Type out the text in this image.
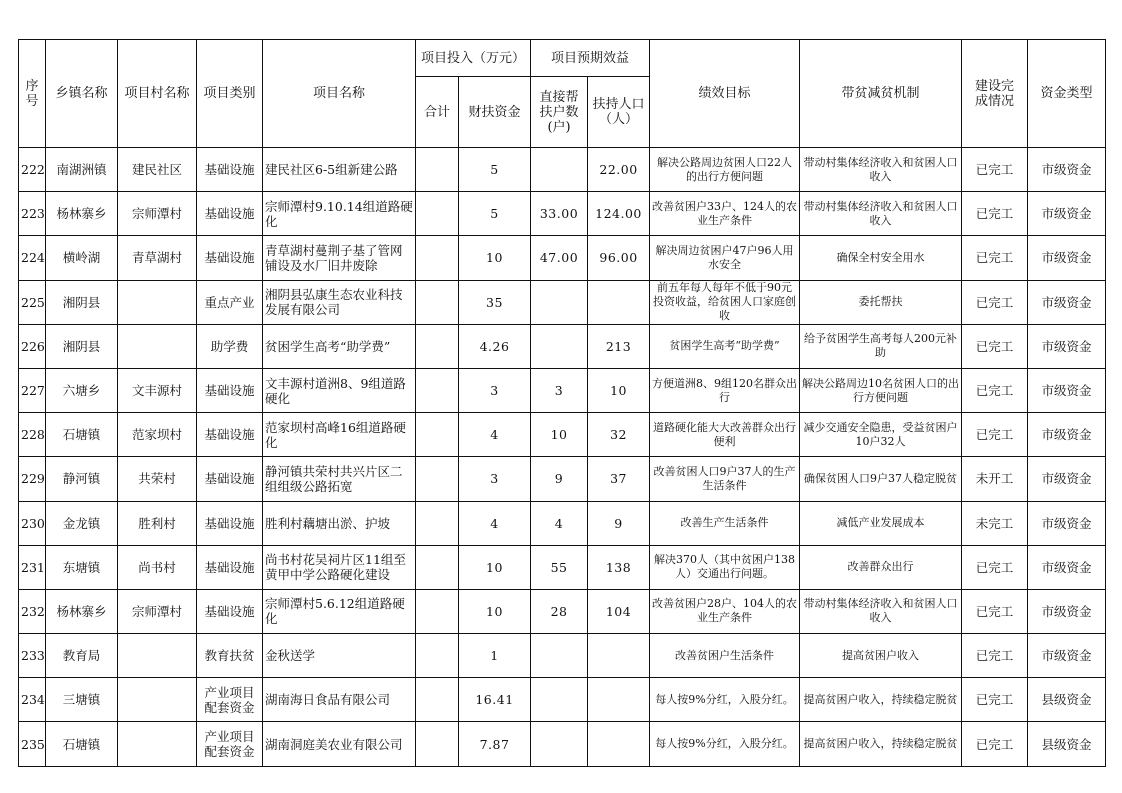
序号	乡镇名称	项目村名称	项目类别	项目名称	项目投入（万元）		项目预期效益		绩效目标	带贫减贫机制	建设完成情况	资金类型
					合计	财扶资金	直接帮扶户数(户)	扶持人口（人）				
222	南湖洲镇	建民社区	基础设施	建民社区6-5组新建公路		5		22.00	解决公路周边贫困人口22人的出行方便问题	带动村集体经济收入和贫困人口收入	已完工	市级资金
223	杨林寨乡	宗师潭村	基础设施	宗师潭村9.10.14组道路硬化		5	33.00	124.00	改善贫困户33户、124人的农业生产条件	带动村集体经济收入和贫困人口收入	已完工	市级资金
224	横岭湖	青草湖村	基础设施	青草湖村蔓荆子基了管网铺设及水厂旧井废除		10	47.00	96.00	解决周边贫困户47户96人用水安全	确保全村安全用水	已完工	市级资金
225	湘阴县		重点产业	湘阴县弘康生态农业科技发展有限公司		35			前五年每人每年不低于90元投资收益，给贫困人口家庭创收	委托帮扶	已完工	市级资金
226	湘阴县		助学费	贫困学生高考“助学费”		4.26		213	贫困学生高考“助学费”	给予贫困学生高考每人200元补助	已完工	市级资金
227	六塘乡	文丰源村	基础设施	文丰源村道洲8、9组道路硬化		3	3	10	方便道洲8、9组120名群众出行	解决公路周边10名贫困人口的出行方便问题	已完工	市级资金
228	石塘镇	范家坝村	基础设施	范家坝村高峰16组道路硬化		4	10	32	道路硬化能大大改善群众出行便利	减少交通安全隐患，受益贫困户10户32人	已完工	市级资金
229	静河镇	共荣村	基础设施	静河镇共荣村共兴片区二组组级公路拓宽		3	9	37	改善贫困人口9户37人的生产生活条件	确保贫困人口9户37人稳定脱贫	未开工	市级资金
230	金龙镇	胜利村	基础设施	胜利村藕塘出淤、护坡		4	4	9	改善生产生活条件	减低产业发展成本	未完工	市级资金
231	东塘镇	尚书村	基础设施	尚书村花吴祠片区11组至黄甲中学公路硬化建设		10	55	138	解决370人（其中贫困户138人）交通出行问题。	改善群众出行	已完工	市级资金
232	杨林寨乡	宗师潭村	基础设施	宗师潭村5.6.12组道路硬化		10	28	104	改善贫困户28户、104人的农业生产条件	带动村集体经济收入和贫困人口收入	已完工	市级资金
233	教育局		教育扶贫	金秋送学		1			改善贫困户生活条件	提高贫困户收入	已完工	市级资金
234	三塘镇		产业项目配套资金	湖南海日食品有限公司		16.41			每人按9%分红，入股分红。	提高贫困户收入，持续稳定脱贫	已完工	县级资金
235	石塘镇		产业项目配套资金	湖南洞庭美农业有限公司		7.87			每人按9%分红，入股分红。	提高贫困户收入，持续稳定脱贫	已完工	县级资金
